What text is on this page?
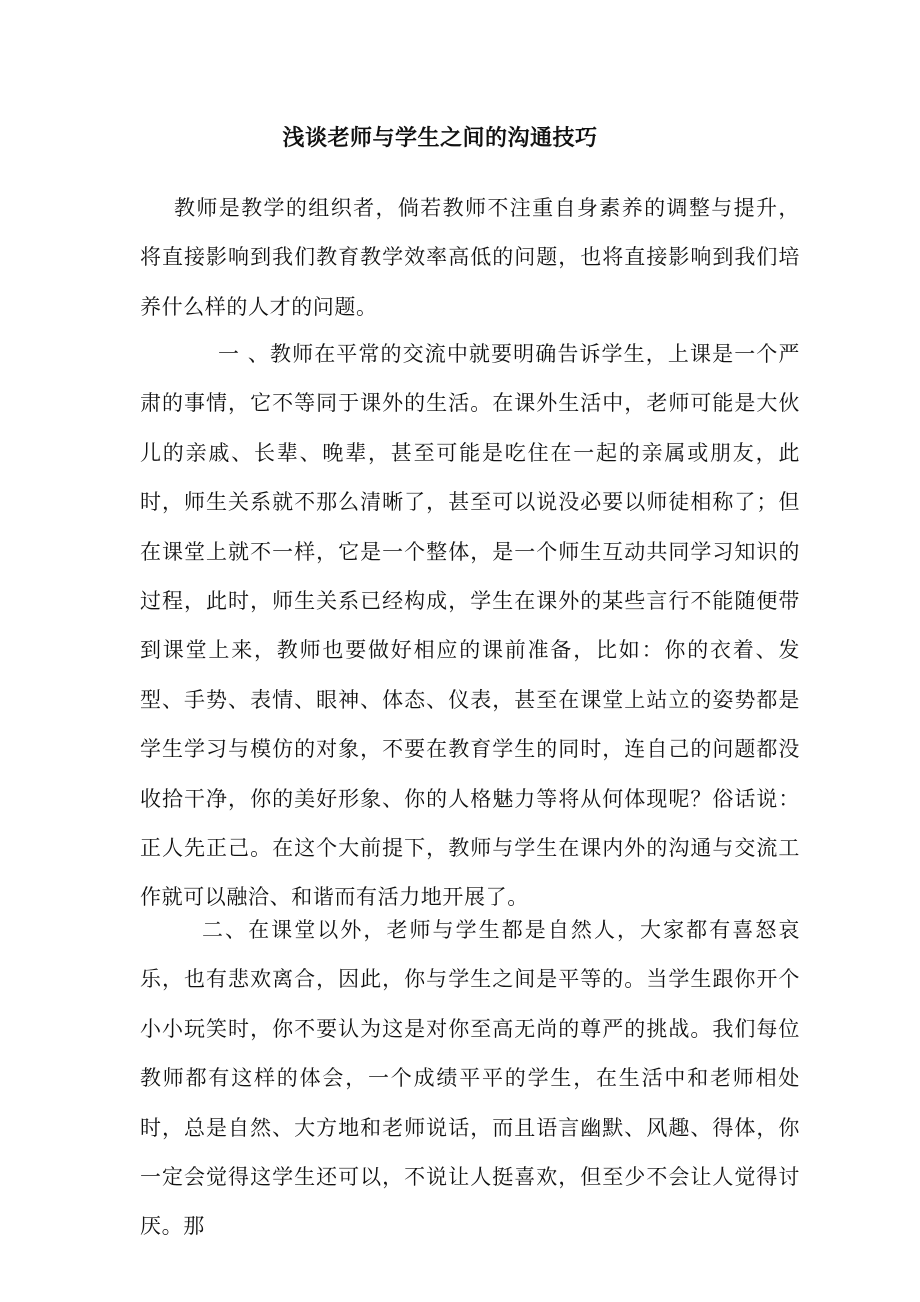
浅谈老师与学生之间的沟通技巧

教师是教学的组织者，倘若教师不注重自身素养的调整与提升，将直接影响到我们教育教学效率高低的问题，也将直接影响到我们培养什么样的人才的问题。

一 、教师在平常的交流中就要明确告诉学生，上课是一个严肃的事情，它不等同于课外的生活。在课外生活中，老师可能是大伙儿的亲戚、长辈、晚辈，甚至可能是吃住在一起的亲属或朋友，此时，师生关系就不那么清晰了，甚至可以说没必要以师徒相称了；但在课堂上就不一样，它是一个整体，是一个师生互动共同学习知识的过程，此时，师生关系已经构成，学生在课外的某些言行不能随便带到课堂上来，教师也要做好相应的课前准备，比如：你的衣着、发型、手势、表情、眼神、体态、仪表，甚至在课堂上站立的姿势都是学生学习与模仿的对象，不要在教育学生的同时，连自己的问题都没收拾干净，你的美好形象、你的人格魅力等将从何体现呢？俗话说：正人先正己。在这个大前提下，教师与学生在课内外的沟通与交流工作就可以融洽、和谐而有活力地开展了。

二、在课堂以外，老师与学生都是自然人，大家都有喜怒哀乐，也有悲欢离合，因此，你与学生之间是平等的。当学生跟你开个小小玩笑时，你不要认为这是对你至高无尚的尊严的挑战。我们每位教师都有这样的体会，一个成绩平平的学生，在生活中和老师相处时，总是自然、大方地和老师说话，而且语言幽默、风趣、得体，你一定会觉得这学生还可以，不说让人挺喜欢，但至少不会让人觉得讨厌。那
